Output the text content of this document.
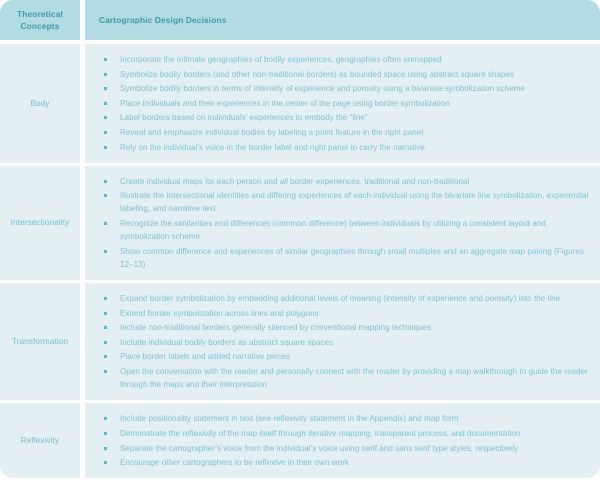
Theoretical
Concepts		Cartographic Design Decisions

Body		
Incorporate the intimate geographies of bodily experiences, geographies often unmapped
Symbolize bodily borders (and other non-traditional borders) as bounded space using abstract square shapes
Symbolize bodily borders in terms of intensity of experience and porosity using a bivariate symbolization scheme
Place individuals and their experiences in the center of the page using border symbolization
Label borders based on individuals’ experiences to embody the “line”
Reveal and emphasize individual bodies by labeling a point feature in the right panel
Rely on the individual’s voice in the border label and right panel to carry the narrative

Intersectionality		
Create individual maps for each person and all border experiences, traditional and non-traditional
Illustrate the intersectional identities and differing experiences of each individual using the bivariate line symbolization, experiential labeling, and narrative text
Recognize the similarities and differences (common difference) between individuals by utilizing a consistent layout and symbolization scheme
Show common difference and experiences of similar geographies through small multiples and an aggregate map pairing (Figures 12–13)

Transformation		
Expand border symbolization by embedding additional levels of meaning (intensity of experience and porosity) into the line
Extend border symbolization across lines and polygons
Include non-traditional borders generally silenced by conventional mapping techniques
Include individual bodily borders as abstract square spaces
Place border labels and added narrative pieces
Open the conversation with the reader and personally connect with the reader by providing a map walkthrough to guide the reader through the maps and their interpretation

Reflexivity		
Include positionality statement in text (see reflexivity statement in the Appendix) and map form
Demonstrate the reflexivity of the map itself through iterative mapping, transparent process, and documentation
Separate the cartographer’s voice from the individual’s voice using serif and sans serif type styles, respectively
Encourage other cartographers to be reflexive in their own work
